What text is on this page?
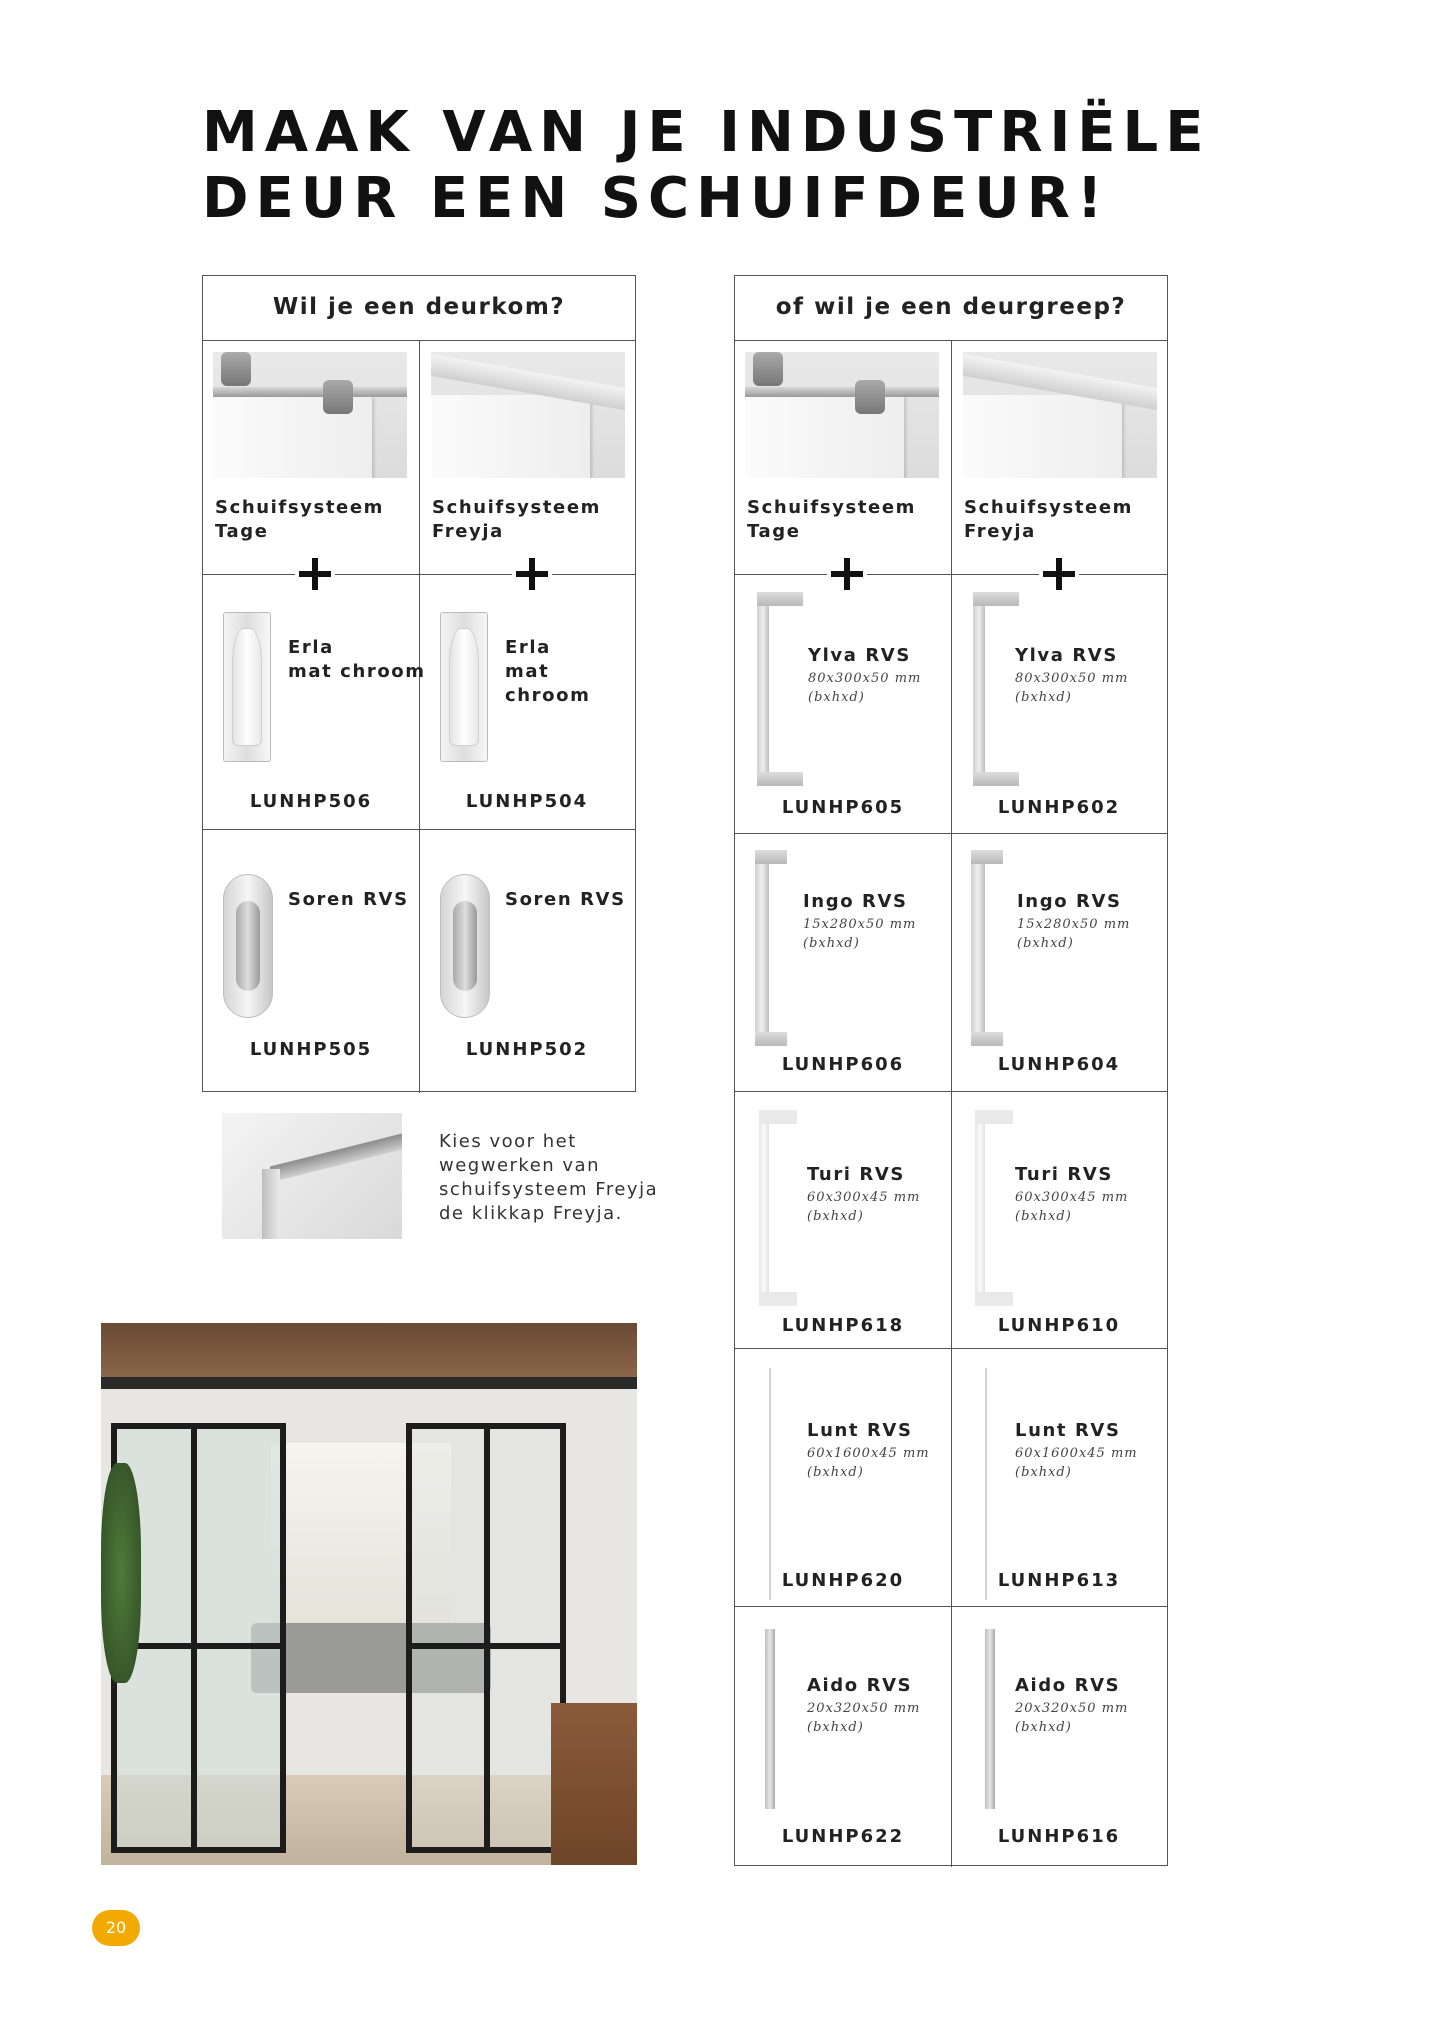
MAAK VAN JE INDUSTRIËLE
DEUR EEN SCHUIFDEUR!
Wil je een deurkom?
Schuifsysteem
Tage
Schuifsysteem
Freyja
Erla
mat chroom
LUNHP506
Erla
mat chroom
LUNHP504
Soren RVS
LUNHP505
Soren RVS
LUNHP502
Kies voor het
wegwerken van
schuifsysteem Freyja
de klikkap Freyja.
of wil je een deurgreep?
Schuifsysteem
Tage
Schuifsysteem
Freyja
Ylva RVS
80x300x50 mm
(bxhxd)
LUNHP605
Ylva RVS
80x300x50 mm
(bxhxd)
LUNHP602
Ingo RVS
15x280x50 mm
(bxhxd)
LUNHP606
Ingo RVS
15x280x50 mm
(bxhxd)
LUNHP604
Turi RVS
60x300x45 mm
(bxhxd)
LUNHP618
Turi RVS
60x300x45 mm
(bxhxd)
LUNHP610
Lunt RVS
60x1600x45 mm
(bxhxd)
LUNHP620
Lunt RVS
60x1600x45 mm
(bxhxd)
LUNHP613
Aido RVS
20x320x50 mm
(bxhxd)
LUNHP622
Aido RVS
20x320x50 mm
(bxhxd)
LUNHP616
20
